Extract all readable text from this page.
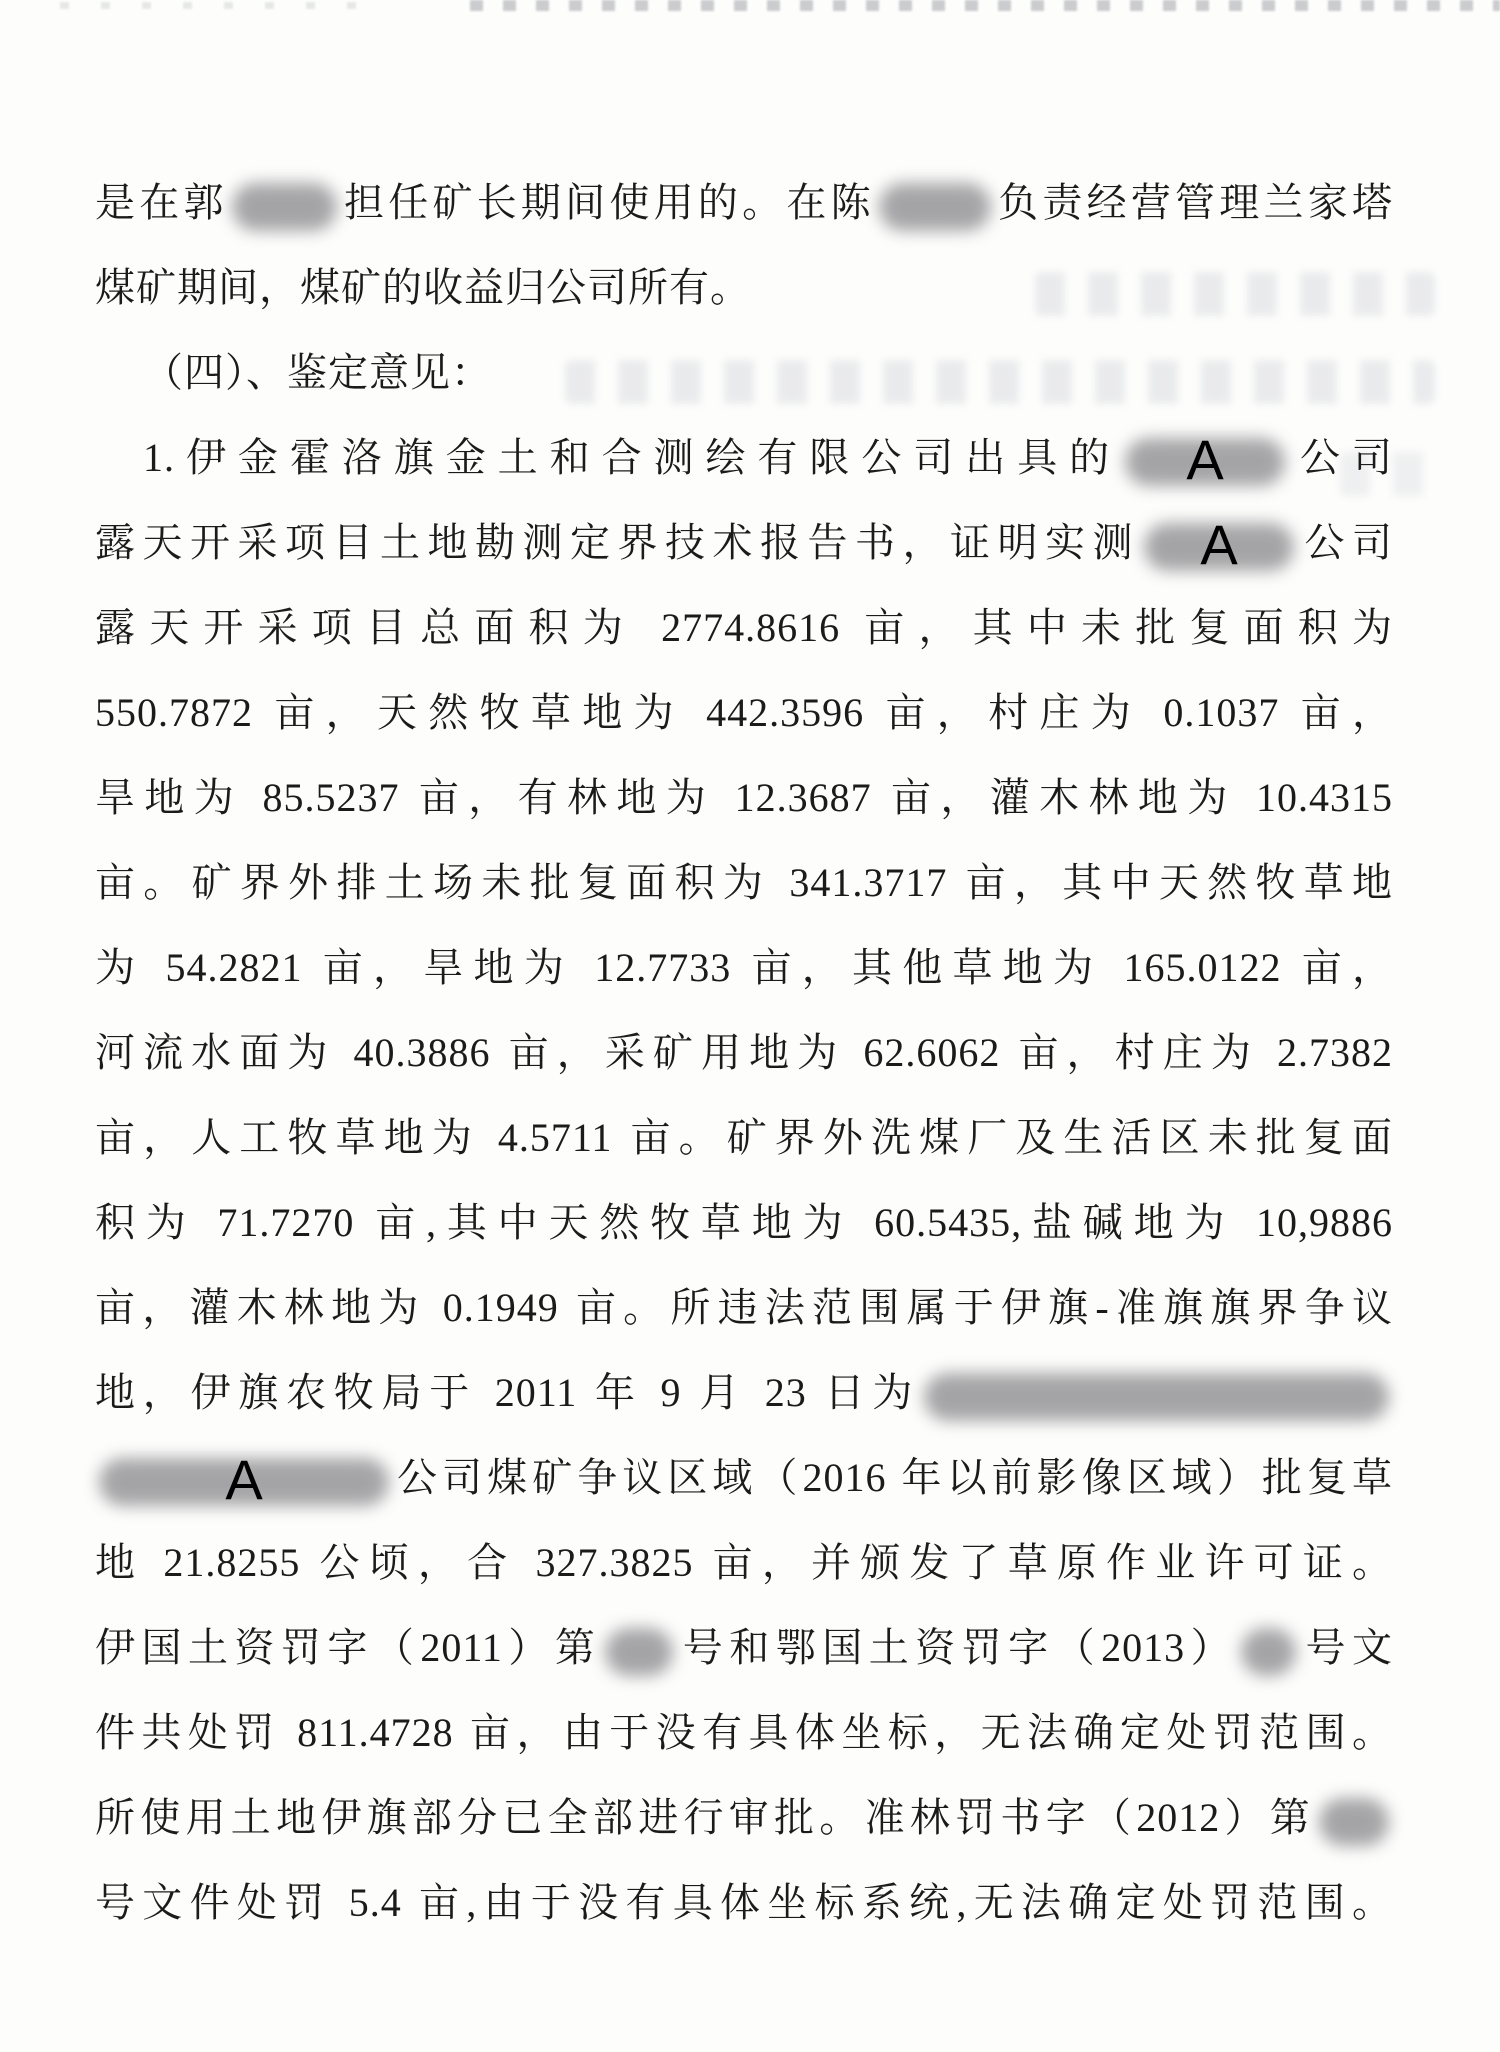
是在郭	担任矿长期间使用的。在陈	负责经营管理兰家塔
煤矿期间，煤矿的收益归公司所有。
（四）、鉴定意见：
1.伊金霍洛旗金土和合测绘有限公司出具的 A 公司
露天开采项目土地勘测定界技术报告书，证明实测 A 公司
露天开采项目总面积为 2774.8616 亩，其中未批复面积为
550.7872 亩，天然牧草地为 442.3596 亩，村庄为 0.1037 亩，
旱地为 85.5237 亩，有林地为 12.3687 亩，灌木林地为 10.4315
亩。矿界外排土场未批复面积为 341.3717 亩，其中天然牧草地
为 54.2821 亩，旱地为 12.7733 亩，其他草地为 165.0122 亩，
河流水面为 40.3886 亩，采矿用地为 62.6062 亩，村庄为 2.7382
亩，人工牧草地为 4.5711 亩。矿界外洗煤厂及生活区未批复面
积为 71.7270 亩,其中天然牧草地为 60.5435,盐碱地为 10,9886
亩，灌木林地为 0.1949 亩。所违法范围属于伊旗-准旗旗界争议
地，伊旗农牧局于 2011 年 9 月 23 日为
A	公司煤矿争议区域（2016 年以前影像区域）批复草
地 21.8255 公顷，合 327.3825 亩，并颁发了草原作业许可证。
伊国土资罚字（2011）第 号和鄂国土资罚字（2013） 号文
件共处罚 811.4728 亩，由于没有具体坐标，无法确定处罚范围。
所使用土地伊旗部分已全部进行审批。准林罚书字（2012）第
号文件处罚 5.4 亩,由于没有具体坐标系统,无法确定处罚范围。
